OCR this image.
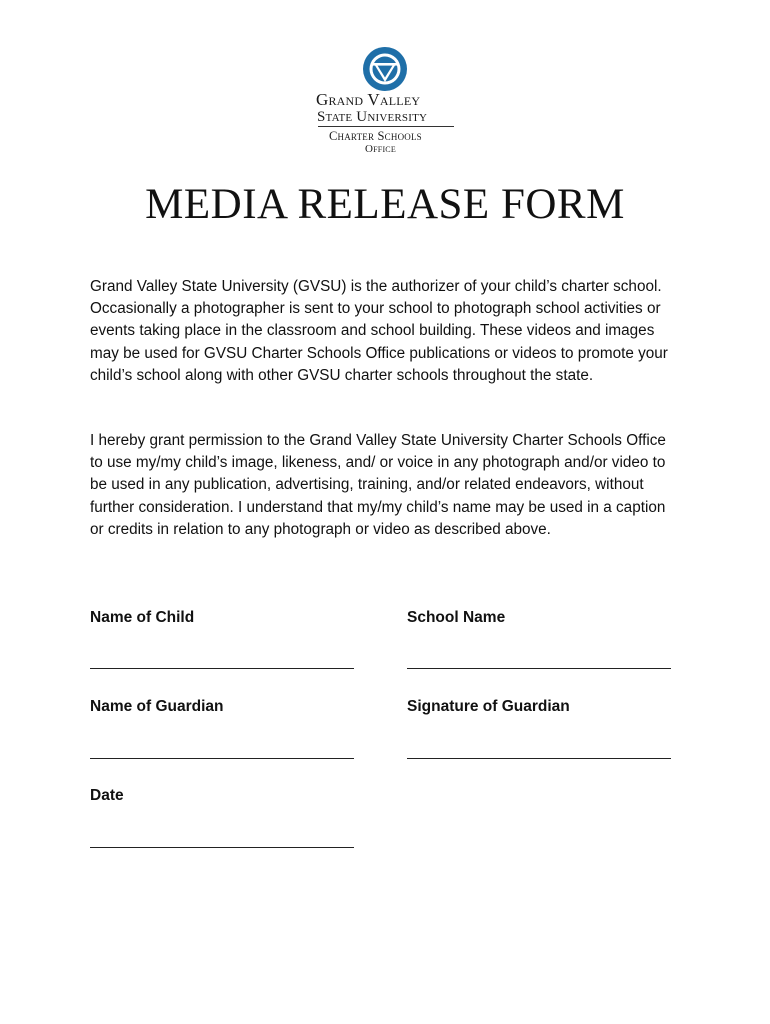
Grand Valley
State University
Charter Schools
Office
MEDIA RELEASE FORM

Grand Valley State University (GVSU) is the authorizer of your child’s charter school. Occasionally a photographer is sent to your school to photograph school activities or events taking place in the classroom and school building. These videos and images may be used for GVSU Charter Schools Office publications or videos to promote your child’s school along with other GVSU charter schools throughout the state.

I hereby grant permission to the Grand Valley State University Charter Schools Office to use my/my child’s image, likeness, and/ or voice in any photograph and/or video to be used in any publication, advertising, training, and/or related endeavors, without further consideration. I understand that my/my child’s name may be used in a caption or credits in relation to any photograph or video as described above.

Name of Child	School Name
Name of Guardian	Signature of Guardian
Date
